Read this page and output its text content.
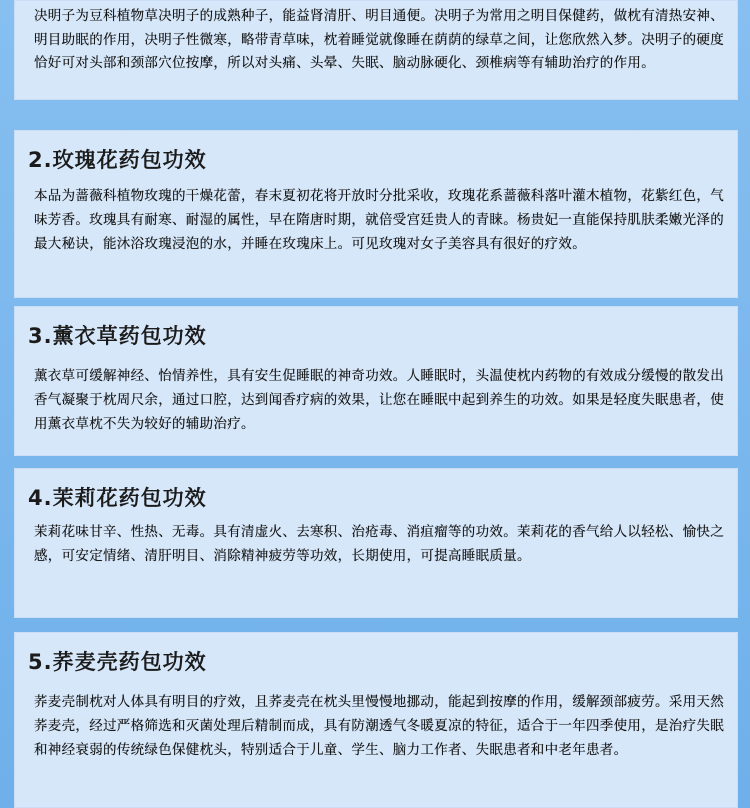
决明子为豆科植物草决明子的成熟种子，能益肾清肝、明目通便。决明子为常用之明目保健药，做枕有清热安神、明目助眠的作用，决明子性微寒，略带青草味，枕着睡觉就像睡在荫荫的绿草之间，让您欣然入梦。决明子的硬度恰好可对头部和颈部穴位按摩，所以对头痛、头晕、失眠、脑动脉硬化、颈椎病等有辅助治疗的作用。
2.玫瑰花药包功效
本品为蔷薇科植物玫瑰的干燥花蕾，春末夏初花将开放时分批采收，玫瑰花系蔷薇科落叶灌木植物，花紫红色，气味芳香。玫瑰具有耐寒、耐湿的属性，早在隋唐时期，就倍受宫廷贵人的青睐。杨贵妃一直能保持肌肤柔嫩光泽的最大秘诀，能沐浴玫瑰浸泡的水，并睡在玫瑰床上。可见玫瑰对女子美容具有很好的疗效。
3.薰衣草药包功效
薰衣草可缓解神经、怡情养性，具有安生促睡眠的神奇功效。人睡眠时，头温使枕内药物的有效成分缓慢的散发出香气凝聚于枕周尺余，通过口腔，达到闻香疗病的效果，让您在睡眠中起到养生的功效。如果是轻度失眠患者，使用薰衣草枕不失为较好的辅助治疗。
4.茉莉花药包功效
茉莉花味甘辛、性热、无毒。具有清虚火、去寒积、治疮毒、消疽瘤等的功效。茉莉花的香气给人以轻松、愉快之感，可安定情绪、清肝明目、消除精神疲劳等功效，长期使用，可提高睡眠质量。
5.荞麦壳药包功效
荞麦壳制枕对人体具有明目的疗效，且荞麦壳在枕头里慢慢地挪动，能起到按摩的作用，缓解颈部疲劳。采用天然荞麦壳，经过严格筛选和灭菌处理后精制而成，具有防潮透气冬暖夏凉的特征，适合于一年四季使用，是治疗失眠和神经衰弱的传统绿色保健枕头，特别适合于儿童、学生、脑力工作者、失眠患者和中老年患者。
